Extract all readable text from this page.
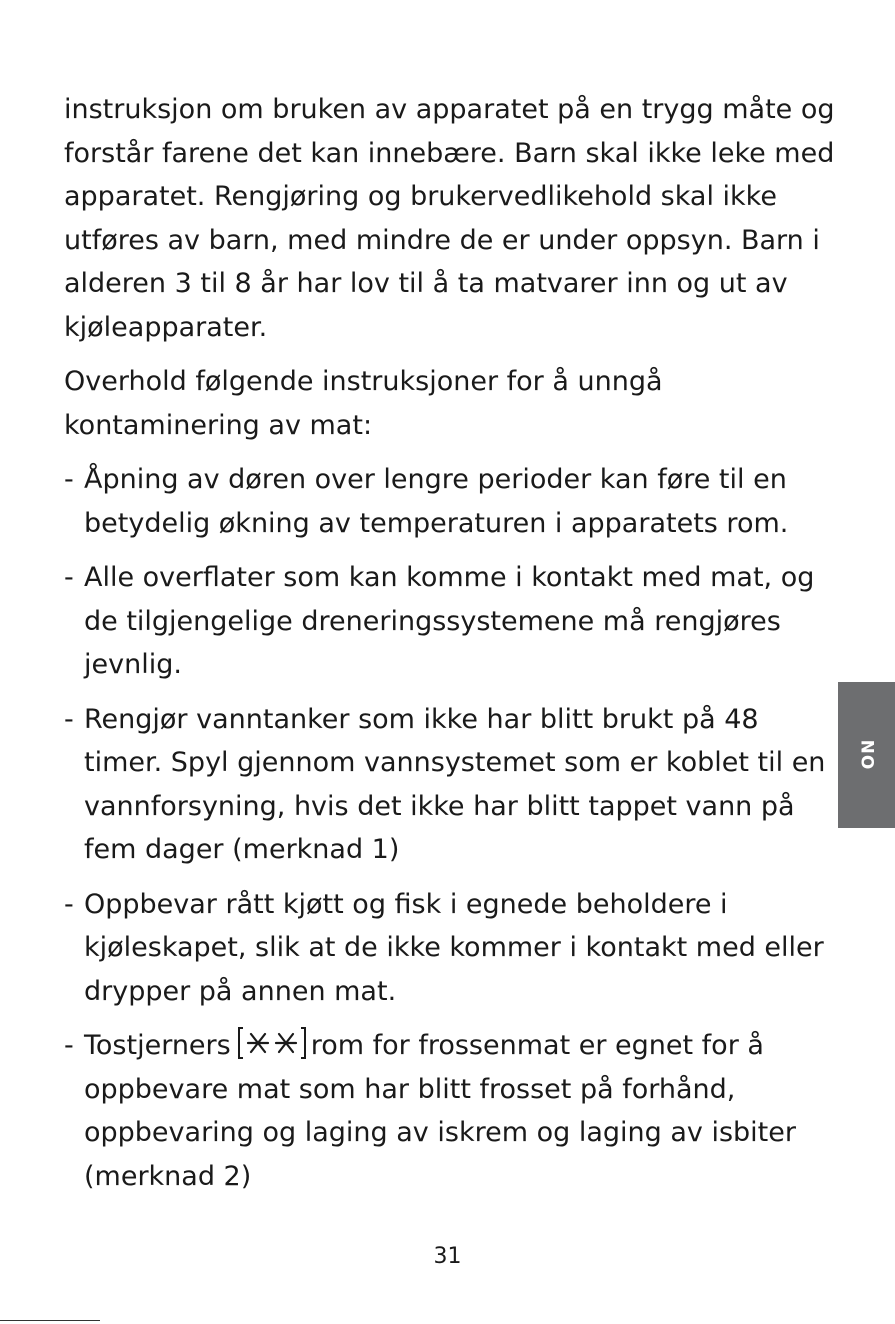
instruksjon om bruken av apparatet på en trygg måte og forstår farene det kan innebære. Barn skal ikke leke med apparatet. Rengjøring og brukervedlikehold skal ikke utføres av barn, med mindre de er under oppsyn. Barn i alderen 3 til 8 år har lov til å ta matvarer inn og ut av kjøleapparater.

Overhold følgende instruksjoner for å unngå kontaminering av mat:

- Åpning av døren over lengre perioder kan føre til en betydelig økning av temperaturen i apparatets rom.
- Alle overflater som kan komme i kontakt med mat, og de tilgjengelige dreneringssystemene må rengjøres jevnlig.
- Rengjør vanntanker som ikke har blitt brukt på 48 timer. Spyl gjennom vannsystemet som er koblet til en vannforsyning, hvis det ikke har blitt tappet vann på fem dager (merknad 1)
- Oppbevar rått kjøtt og fisk i egnede beholdere i kjøleskapet, slik at de ikke kommer i kontakt med eller drypper på annen mat.
- Tostjerners	rom for frossenmat er egnet for å oppbevare mat som har blitt frosset på forhånd, oppbevaring og laging av iskrem og laging av isbiter (merknad 2)
NO
31
